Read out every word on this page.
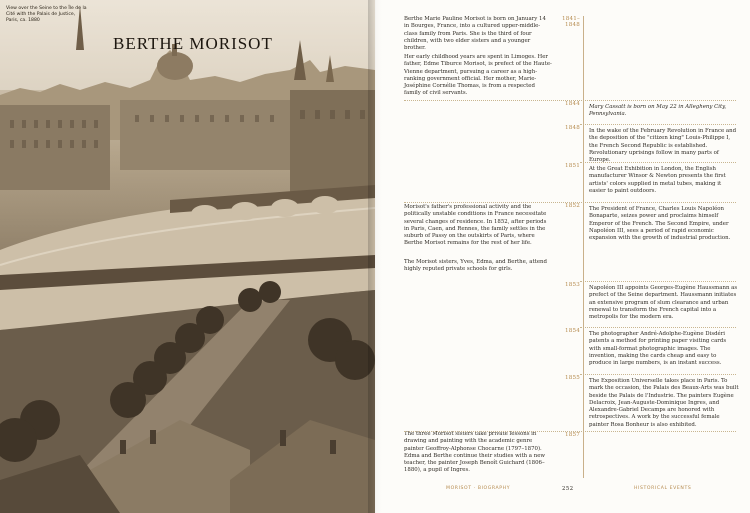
View over the Seine to the Île de la Cité with the Palais de Justice, Paris, ca. 1880
BERTHE MORISOT

Berthe Marie Pauline Morisot is born on January 14 in Bourges, France, into a cultured upper-middle-class family from Paris. She is the third of four children, with two elder sisters and a younger brother.

Her early childhood years are spent in Limoges. Her father, Edme Tiburce Morisot, is prefect of the Haute-Vienne department, pursuing a career as a high-ranking government official. Her mother, Marie-Joséphine Cornélie Thomas, is from a respected family of civil servants.

Morisot's father's professional activity and the politically unstable conditions in France necessitate several changes of residence. In 1852, after periods in Paris, Caen, and Rennes, the family settles in the suburb of Passy on the outskirts of Paris, where Berthe Morisot remains for the rest of her life.

The Morisot sisters, Yves, Edma, and Berthe, attend highly reputed private schools for girls.

The three Morisot sisters take private lessons in drawing and painting with the academic genre painter Geoffroy-Alphonse Chocarne (1797–1870). Edma and Berthe continue their studies with a new teacher, the painter Joseph Benoît Guichard (1806–1880), a pupil of Ingres.

1841–1848
1844 Mary Cassatt is born on May 22 in Allegheny City, Pennsylvania.
1848 In the wake of the February Revolution in France and the deposition of the "citizen king" Louis-Philippe I, the French Second Republic is established. Revolutionary uprisings follow in many parts of Europe.
1851 At the Great Exhibition in London, the English manufacturer Winsor & Newton presents the first artists' colors supplied in metal tubes, making it easier to paint outdoors.
1852 The President of France, Charles Louis Napoléon Bonaparte, seizes power and proclaims himself Emperor of the French. The Second Empire, under Napoléon III, sees a period of rapid economic expansion with the growth of industrial production.
1853 Napoléon III appoints Georges-Eugène Haussmann as prefect of the Seine department. Haussmann initiates an extensive program of slum clearance and urban renewal to transform the French capital into a metropolis for the modern era.
1854 The photographer André-Adolphe-Eugène Disdéri patents a method for printing paper visiting cards with small-format photographic images. The invention, making the cards cheap and easy to produce in large numbers, is an instant success.
1855 The Exposition Universelle takes place in Paris. To mark the occasion, the Palais des Beaux-Arts was built beside the Palais de l'Industrie. The painters Eugène Delacroix, Jean-Auguste-Dominique Ingres, and Alexandre-Gabriel Decamps are honored with retrospectives. A work by the successful female painter Rosa Bonheur is also exhibited.
1857
MORISOT · BIOGRAPHY	252	HISTORICAL EVENTS
